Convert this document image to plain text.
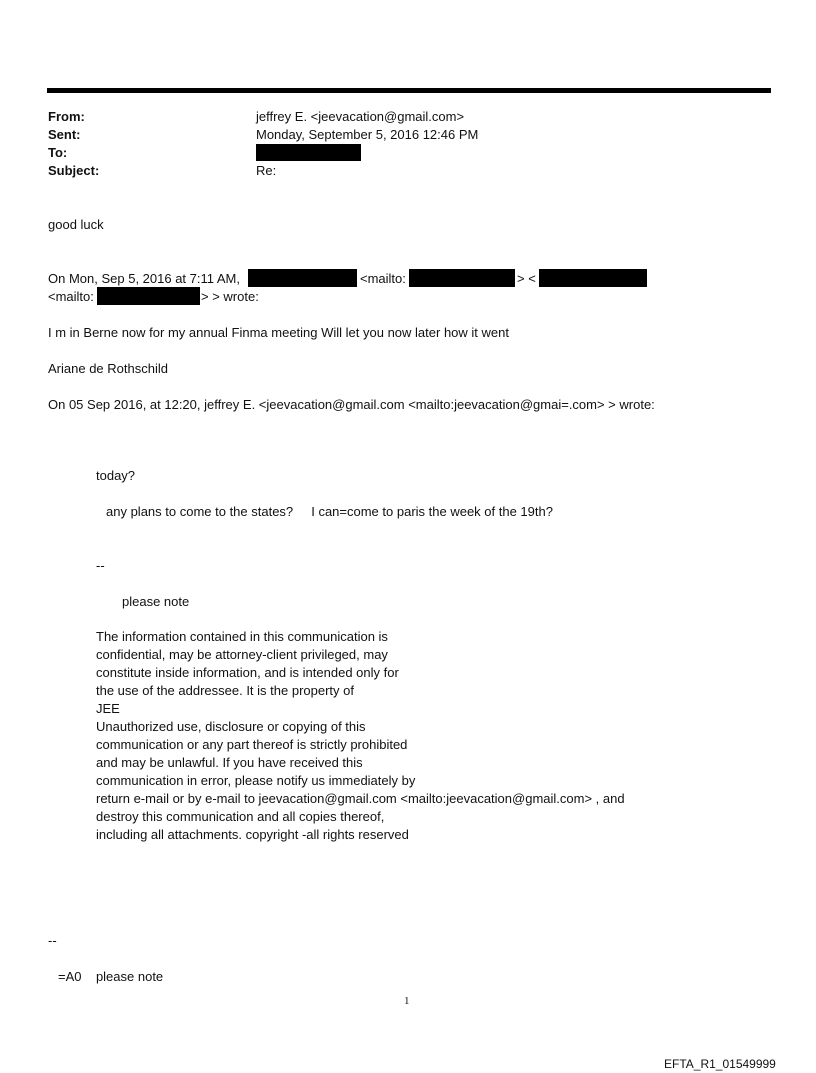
From:	jeffrey E. <jeevacation@gmail.com>
Sent:	Monday, September 5, 2016 12:46 PM
To:
Subject:	Re:
good luck
On Mon, Sep 5, 2016 at 7:11 AM,	<mailto:	> <
<mailto:	> > wrote:
I m in Berne now for my annual Finma meeting Will let you now later how it went
Ariane de Rothschild
On 05 Sep 2016, at 12:20, jeffrey E. <jeevacation@gmail.com <mailto:jeevacation@gmai=.com> > wrote:
today?
any plans to come to the states?     I can=come to paris the week of the 19th?
--
please note
The information contained in this communication is
confidential, may be attorney-client privileged, may
constitute inside information, and is intended only for
the use of the addressee. It is the property of
JEE
Unauthorized use, disclosure or copying of this
communication or any part thereof is strictly prohibited
and may be unlawful. If you have received this
communication in error, please notify us immediately by
return e-mail or by e-mail to jeevacation@gmail.com <mailto:jeevacation@gmail.com> , and
destroy this communication and all copies thereof,
including all attachments. copyright -all rights reserved
--
=A0    please note
1
EFTA_R1_01549999
